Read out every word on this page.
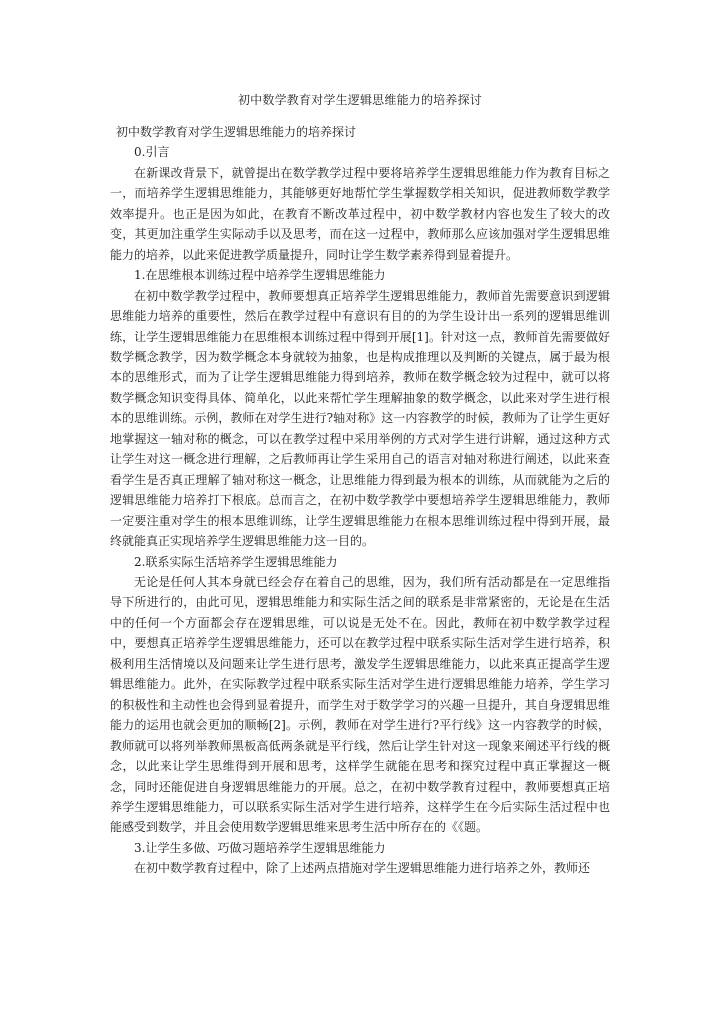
初中数学教育对学生逻辑思维能力的培养探讨

初中数学教育对学生逻辑思维能力的培养探讨

0.引言

在新课改背景下，就曾提出在数学教学过程中要将培养学生逻辑思维能力作为教育目标之一，而培养学生逻辑思维能力，其能够更好地帮忙学生掌握数学相关知识，促进教师数学教学效率提升。也正是因为如此，在教育不断改革过程中，初中数学教材内容也发生了较大的改变，其更加注重学生实际动手以及思考，而在这一过程中，教师那么应该加强对学生逻辑思维能力的培养，以此来促进教学质量提升，同时让学生数学素养得到显着提升。

1.在思维根本训练过程中培养学生逻辑思维能力

在初中数学教学过程中，教师要想真正培养学生逻辑思维能力，教师首先需要意识到逻辑思维能力培养的重要性，然后在教学过程中有意识有目的的为学生设计出一系列的逻辑思维训练，让学生逻辑思维能力在思维根本训练过程中得到开展[1]。针对这一点，教师首先需要做好数学概念教学，因为数学概念本身就较为抽象，也是构成推理以及判断的关键点，属于最为根本的思维形式，而为了让学生逻辑思维能力得到培养，教师在数学概念较为过程中，就可以将数学概念知识变得具体、简单化，以此来帮忙学生理解抽象的数学概念，以此来对学生进行根本的思维训练。示例，教师在对学生进行?轴对称》这一内容教学的时候，教师为了让学生更好地掌握这一轴对称的概念，可以在教学过程中采用举例的方式对学生进行讲解，通过这种方式让学生对这一概念进行理解，之后教师再让学生采用自己的语言对轴对称进行阐述，以此来查看学生是否真正理解了轴对称这一概念，让思维能力得到最为根本的训练，从而就能为之后的逻辑思维能力培养打下根底。总而言之，在初中数学教学中要想培养学生逻辑思维能力，教师一定要注重对学生的根本思维训练，让学生逻辑思维能力在根本思维训练过程中得到开展，最终就能真正实现培养学生逻辑思维能力这一目的。

2.联系实际生活培养学生逻辑思维能力

无论是任何人其本身就已经会存在着自己的思维，因为，我们所有活动都是在一定思维指导下所进行的，由此可见，逻辑思维能力和实际生活之间的联系是非常紧密的，无论是在生活中的任何一个方面都会存在逻辑思维，可以说是无处不在。因此，教师在初中数学教学过程中，要想真正培养学生逻辑思维能力，还可以在教学过程中联系实际生活对学生进行培养，积极利用生活情境以及问题来让学生进行思考，激发学生逻辑思维能力，以此来真正提高学生逻辑思维能力。此外，在实际教学过程中联系实际生活对学生进行逻辑思维能力培养，学生学习的积极性和主动性也会得到显着提升，而学生对于数学学习的兴趣一旦提升，其自身逻辑思维能力的运用也就会更加的顺畅[2]。示例，教师在对学生进行?平行线》这一内容教学的时候，教师就可以将列举教师黑板高低两条就是平行线，然后让学生针对这一现象来阐述平行线的概念，以此来让学生思维得到开展和思考，这样学生就能在思考和探究过程中真正掌握这一概念，同时还能促进自身逻辑思维能力的开展。总之，在初中数学教育过程中，教师要想真正培养学生逻辑思维能力，可以联系实际生活对学生进行培养，这样学生在今后实际生活过程中也能感受到数学，并且会使用数学逻辑思维来思考生活中所存在的《《题。

3.让学生多做、巧做习题培养学生逻辑思维能力

在初中数学教育过程中，除了上述两点措施对学生逻辑思维能力进行培养之外，教师还
